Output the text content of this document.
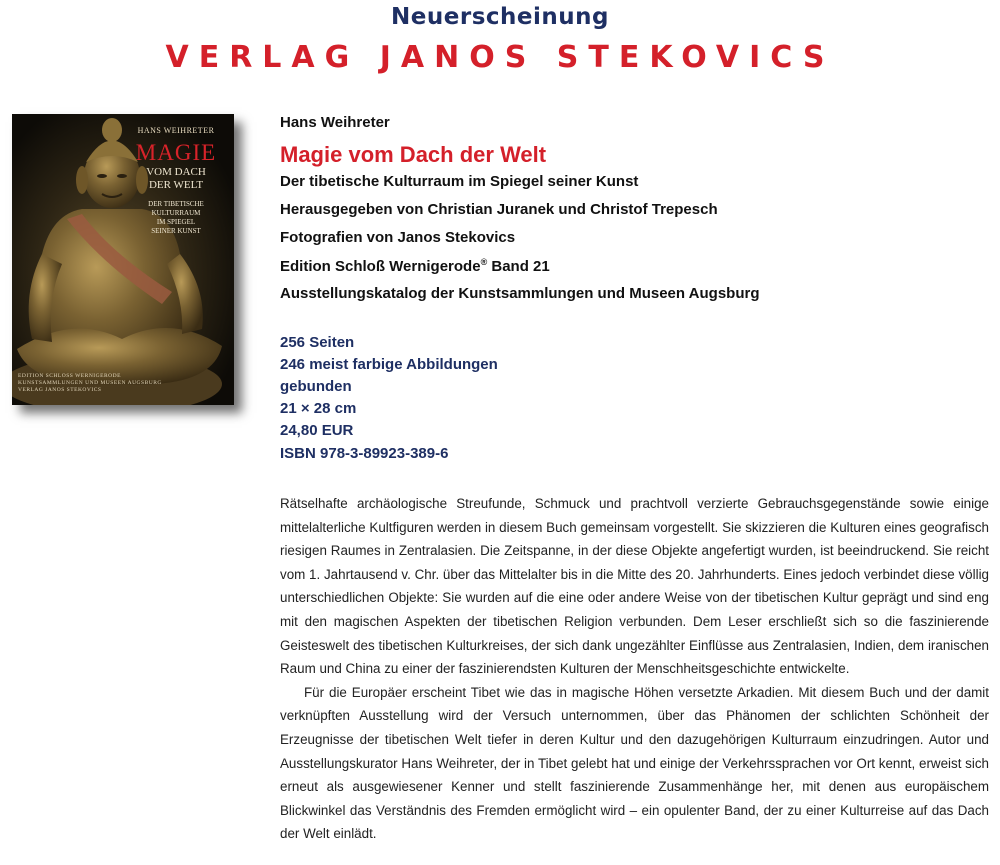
Neuerscheinung
VERLAG JANOS STEKOVICS
HANS WEIHRETER
MAGIE
VOM DACH
DER WELT
DER TIBETISCHE
KULTURRAUM
IM SPIEGEL
SEINER KUNST
EDITION SCHLOSS WERNIGERODE
KUNSTSAMMLUNGEN UND MUSEEN AUGSBURG
VERLAG JANOS STEKOVICS
Hans Weihreter
Magie vom Dach der Welt
Der tibetische Kulturraum im Spiegel seiner Kunst
Herausgegeben von Christian Juranek und Christof Trepesch
Fotografien von Janos Stekovics
Edition Schloß Wernigerode® Band 21
Ausstellungskatalog der Kunstsammlungen und Museen Augsburg
256 Seiten
246 meist farbige Abbildungen
gebunden
21 × 28 cm
24,80 EUR
ISBN 978-3-89923-389-6

Rätselhafte archäologische Streufunde, Schmuck und prachtvoll verzierte Gebrauchsgegenstände sowie einige mittelalterliche Kultfiguren werden in diesem Buch gemeinsam vorgestellt. Sie skizzieren die Kulturen eines geografisch riesigen Raumes in Zentralasien. Die Zeitspanne, in der diese Objekte angefertigt wurden, ist beeindruckend. Sie reicht vom 1. Jahrtausend v. Chr. über das Mittelalter bis in die Mitte des 20. Jahrhunderts. Eines jedoch verbindet diese völlig unterschiedlichen Objekte: Sie wurden auf die eine oder andere Weise von der tibetischen Kultur geprägt und sind eng mit den magischen Aspekten der tibetischen Religion verbunden. Dem Leser erschließt sich so die faszinierende Geisteswelt des tibetischen Kulturkreises, der sich dank ungezählter Einflüsse aus Zentralasien, Indien, dem iranischen Raum und China zu einer der faszinierendsten Kulturen der Menschheitsgeschichte entwickelte.

Für die Europäer erscheint Tibet wie das in magische Höhen versetzte Arkadien. Mit diesem Buch und der damit verknüpften Ausstellung wird der Versuch unternommen, über das Phänomen der schlichten Schönheit der Erzeugnisse der tibetischen Welt tiefer in deren Kultur und den dazugehörigen Kulturraum einzudringen. Autor und Ausstellungskurator Hans Weihreter, der in Tibet gelebt hat und einige der Verkehrssprachen vor Ort kennt, erweist sich erneut als ausgewiesener Kenner und stellt faszinierende Zusammenhänge her, mit denen aus europäischem Blickwinkel das Verständnis des Fremden ermöglicht wird – ein opulenter Band, der zu einer Kulturreise auf das Dach der Welt einlädt.
